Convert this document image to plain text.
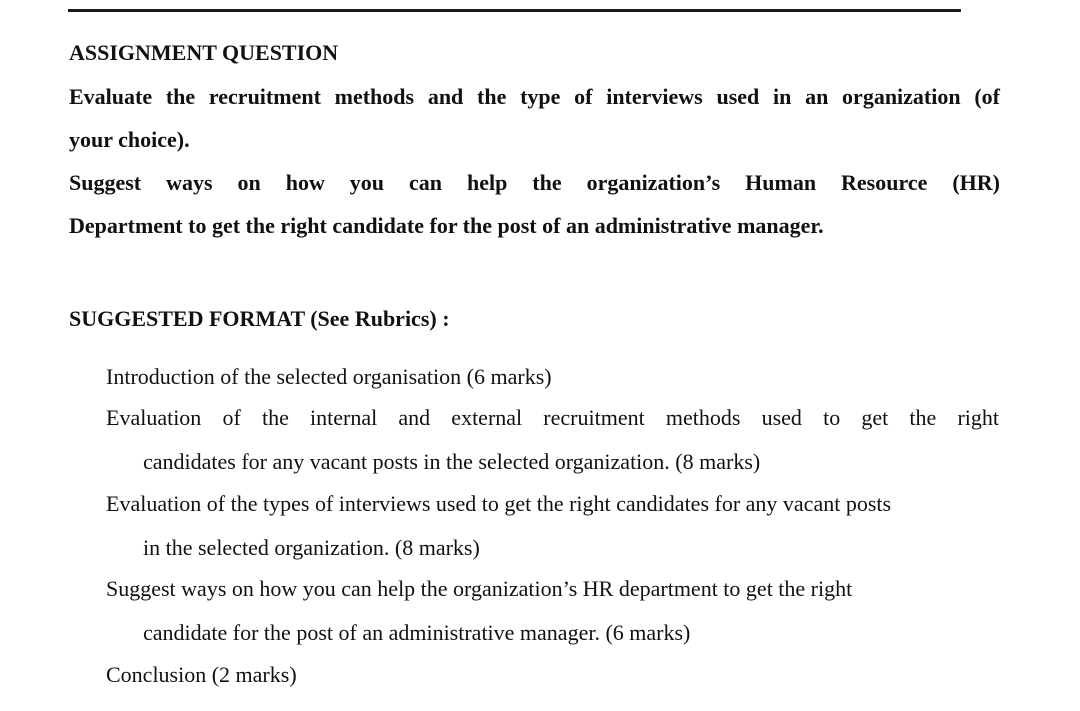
ASSIGNMENT QUESTION
Evaluate the recruitment methods and the type of interviews used in an organization (of
your choice).
Suggest ways on how you can help the organization’s Human Resource (HR)
Department to get the right candidate for the post of an administrative manager.
SUGGESTED FORMAT (See Rubrics) :
Introduction of the selected organisation (6 marks)
Evaluation of the internal and external recruitment methods used to get the right
candidates for any vacant posts in the selected organization. (8 marks)
Evaluation of the types of interviews used to get the right candidates for any vacant posts
in the selected organization. (8 marks)
Suggest ways on how you can help the organization’s HR department to get the right
candidate for the post of an administrative manager. (6 marks)
Conclusion (2 marks)
